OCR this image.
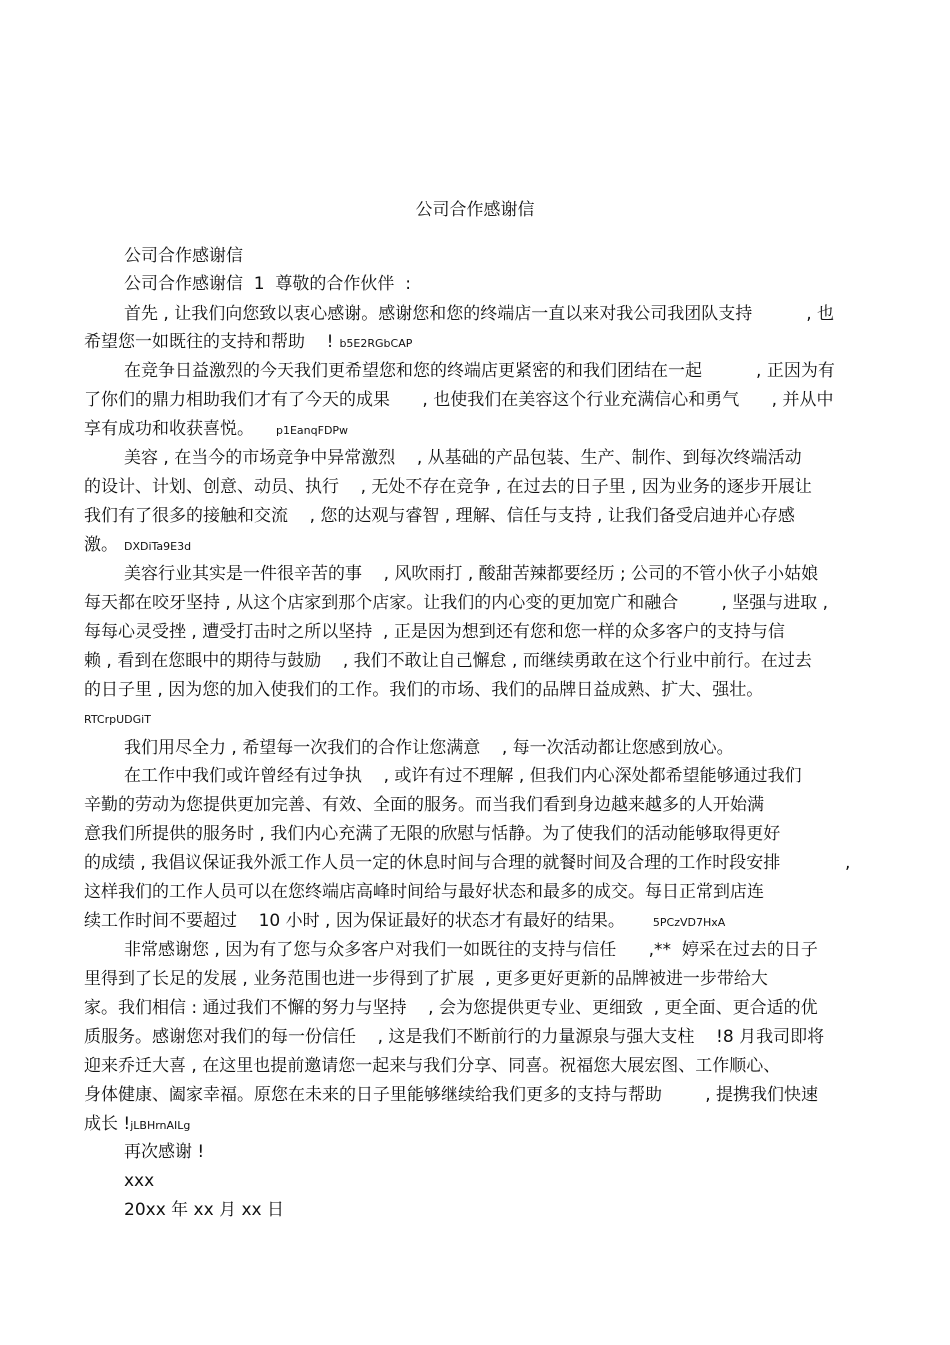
公司合作感谢信
公司合作感谢信
公司合作感谢信  1  尊敬的合作伙伴  :
首先 , 让我们向您致以衷心感谢。感谢您和您的终端店一直以来对我公司我团队支持          , 也
希望您一如既往的支持和帮助    ! b5E2RGbCAP
在竞争日益激烈的今天我们更希望您和您的终端店更紧密的和我们团结在一起          , 正因为有
了你们的鼎力相助我们才有了今天的成果      , 也使我们在美容这个行业充满信心和勇气      , 并从中
享有成功和收获喜悦。 p1EanqFDPw
美容 , 在当今的市场竞争中异常激烈    , 从基础的产品包装、生产、制作、到每次终端活动
的设计、计划、创意、动员、执行    , 无处不存在竞争 , 在过去的日子里 , 因为业务的逐步开展让
我们有了很多的接触和交流    , 您的达观与睿智 , 理解、信任与支持 , 让我们备受启迪并心存感
激。 DXDiTa9E3d
美容行业其实是一件很辛苦的事    , 风吹雨打 , 酸甜苦辣都要经历 ; 公司的不管小伙子小姑娘
每天都在咬牙坚持 , 从这个店家到那个店家。让我们的内心变的更加宽广和融合        , 坚强与进取 ,
每每心灵受挫 , 遭受打击时之所以坚持  , 正是因为想到还有您和您一样的众多客户的支持与信
赖 , 看到在您眼中的期待与鼓励    , 我们不敢让自己懈怠 , 而继续勇敢在这个行业中前行。在过去
的日子里 , 因为您的加入使我们的工作。我们的市场、我们的品牌日益成熟、扩大、强壮。
RTCrpUDGiT
我们用尽全力 , 希望每一次我们的合作让您满意    , 每一次活动都让您感到放心。
在工作中我们或许曾经有过争执    , 或许有过不理解 , 但我们内心深处都希望能够通过我们
辛勤的劳动为您提供更加完善、有效、全面的服务。而当我们看到身边越来越多的人开始满
意我们所提供的服务时 , 我们内心充满了无限的欣慰与恬静。为了使我们的活动能够取得更好
的成绩 , 我倡议保证我外派工作人员一定的休息时间与合理的就餐时间及合理的工作时段安排            ,
这样我们的工作人员可以在您终端店高峰时间给与最好状态和最多的成交。每日正常到店连
续工作时间不要超过    10 小时 , 因为保证最好的状态才有最好的结果。	5PCzVD7HxA
非常感谢您 , 因为有了您与众多客户对我们一如既往的支持与信任      ,**  婷采在过去的日子
里得到了长足的发展 , 业务范围也进一步得到了扩展  , 更多更好更新的品牌被进一步带给大
家。我们相信 : 通过我们不懈的努力与坚持    , 会为您提供更专业、更细致  , 更全面、更合适的优
质服务。感谢您对我们的每一份信任    , 这是我们不断前行的力量源泉与强大支柱    !8 月我司即将
迎来乔迁大喜 , 在这里也提前邀请您一起来与我们分享、同喜。祝福您大展宏图、工作顺心、
身体健康、阖家幸福。原您在未来的日子里能够继续给我们更多的支持与帮助        , 提携我们快速
成长 !jLBHrnAILg
再次感谢 !
xxx
20xx 年 xx 月 xx 日
